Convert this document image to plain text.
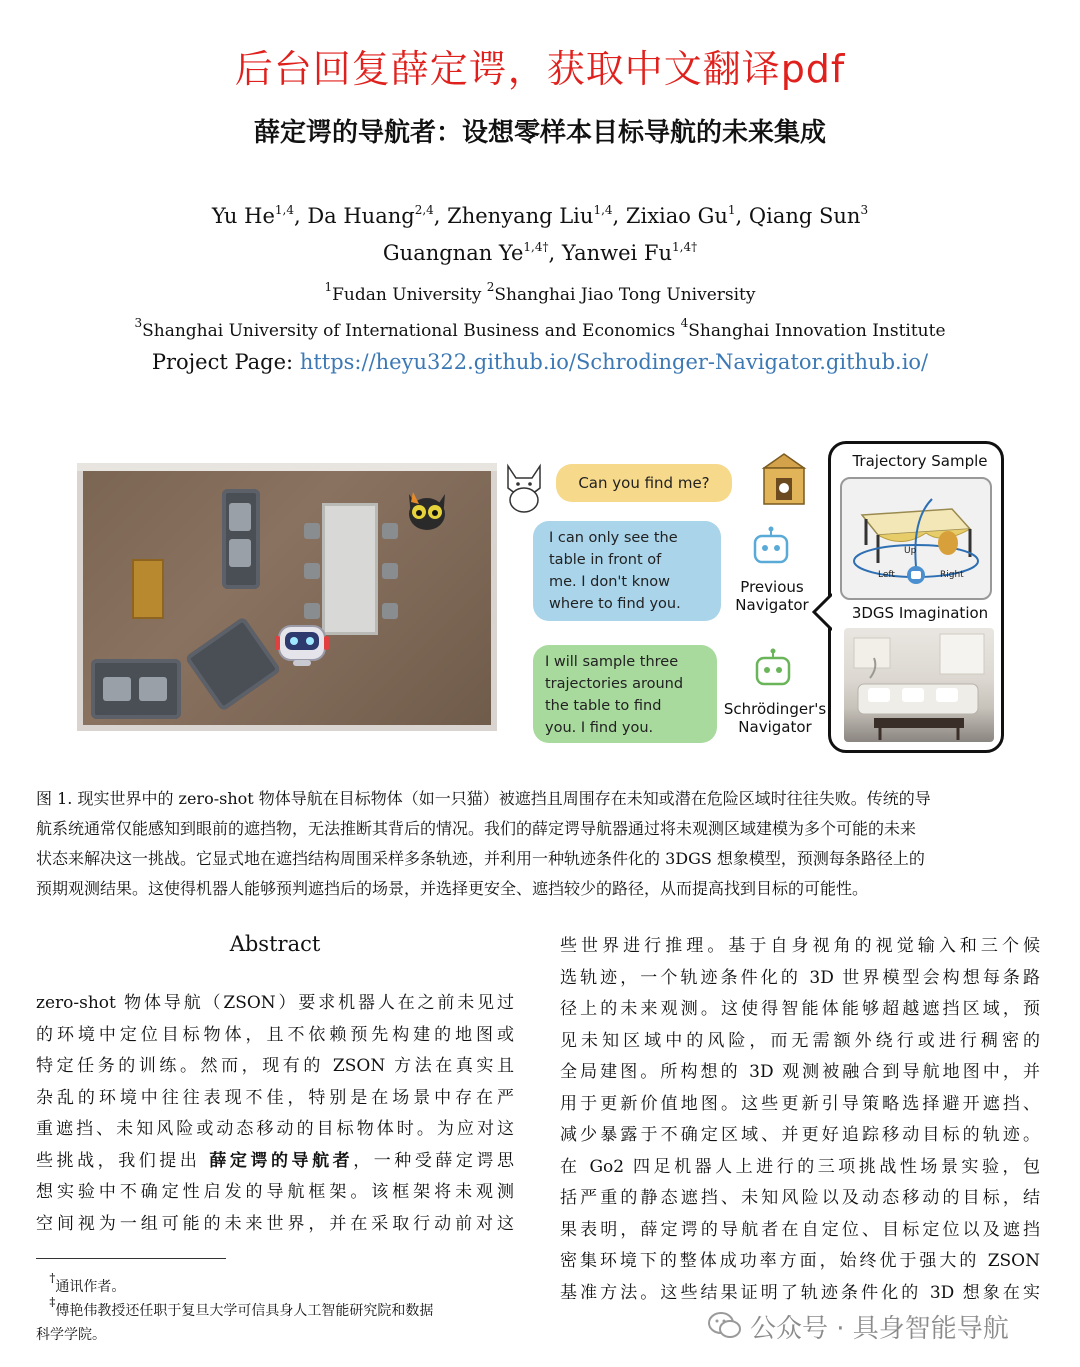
后台回复薛定谔，获取中文翻译pdf
薛定谔的导航者：设想零样本目标导航的未来集成
Yu He$^{1,4}$, Da Huang$^{2,4}$, Zhenyang Liu$^{1,4}$, Zixiao Gu$^1$, Qiang Sun$^3$
Guangnan $Ye^{1,4\dagger}$, Yanwei $Fu^{1,4\dagger}$
$^1$Fudan University $^2$Shanghai Jiao Tong University
$^3$Shanghai University of International Business and Economics $^4$Shanghai Innovation Institute
Project Page: https://heyu322.github.io/Schrodinger-Navigator.github.io/
Can you find me?
I can only see the
table in front of
me. I don't know
where to find you.
Previous
Navigator
I will sample three
trajectories around
the table to find
you. I find you.
Schrödinger's
Navigator
Trajectory Sample
Up
Left	Right
3DGS Imagination
图 1. 现实世界中的 zero-shot 物体导航在目标物体（如一只猫）被遮挡且周围存在未知或潜在危险区域时往往失败。传统的导
航系统通常仅能感知到眼前的遮挡物，无法推断其背后的情况。我们的薛定谔导航器通过将未观测区域建模为多个可能的未来
状态来解决这一挑战。它显式地在遮挡结构周围采样多条轨迹，并利用一种轨迹条件化的 3DGS 想象模型，预测每条路径上的
预期观测结果。这使得机器人能够预判遮挡后的场景，并选择更安全、遮挡较少的路径，从而提高找到目标的可能性。
Abstract
zero-shot 物体导航（ZSON）要求机器人在之前未见过
的环境中定位目标物体，且不依赖预先构建的地图或
特定任务的训练。然而，现有的 ZSON 方法在真实且
杂乱的环境中往往表现不佳，特别是在场景中存在严
重遮挡、未知风险或动态移动的目标物体时。为应对这
些挑战，我们提出 薛定谔的导航者，一种受薛定谔思
想实验中不确定性启发的导航框架。该框架将未观测
空间视为一组可能的未来世界，并在采取行动前对这
些世界进行推理。基于自身视角的视觉输入和三个候
选轨迹，一个轨迹条件化的 3D 世界模型会构想每条路
径上的未来观测。这使得智能体能够超越遮挡区域，预
见未知区域中的风险，而无需额外绕行或进行稠密的
全局建图。所构想的 3D 观测被融合到导航地图中，并
用于更新价值地图。这些更新引导策略选择避开遮挡、
减少暴露于不确定区域、并更好追踪移动目标的轨迹。
在 Go2 四足机器人上进行的三项挑战性场景实验，包
括严重的静态遮挡、未知风险以及动态移动的目标，结
果表明，薛定谔的导航者在自定位、目标定位以及遮挡
密集环境下的整体成功率方面，始终优于强大的 ZSON
基准方法。这些结果证明了轨迹条件化的 3D 想象在实
†通讯作者。
‡傅艳伟教授还任职于复旦大学可信具身人工智能研究院和数据
科学学院。	公众号 · 具身智能导航
